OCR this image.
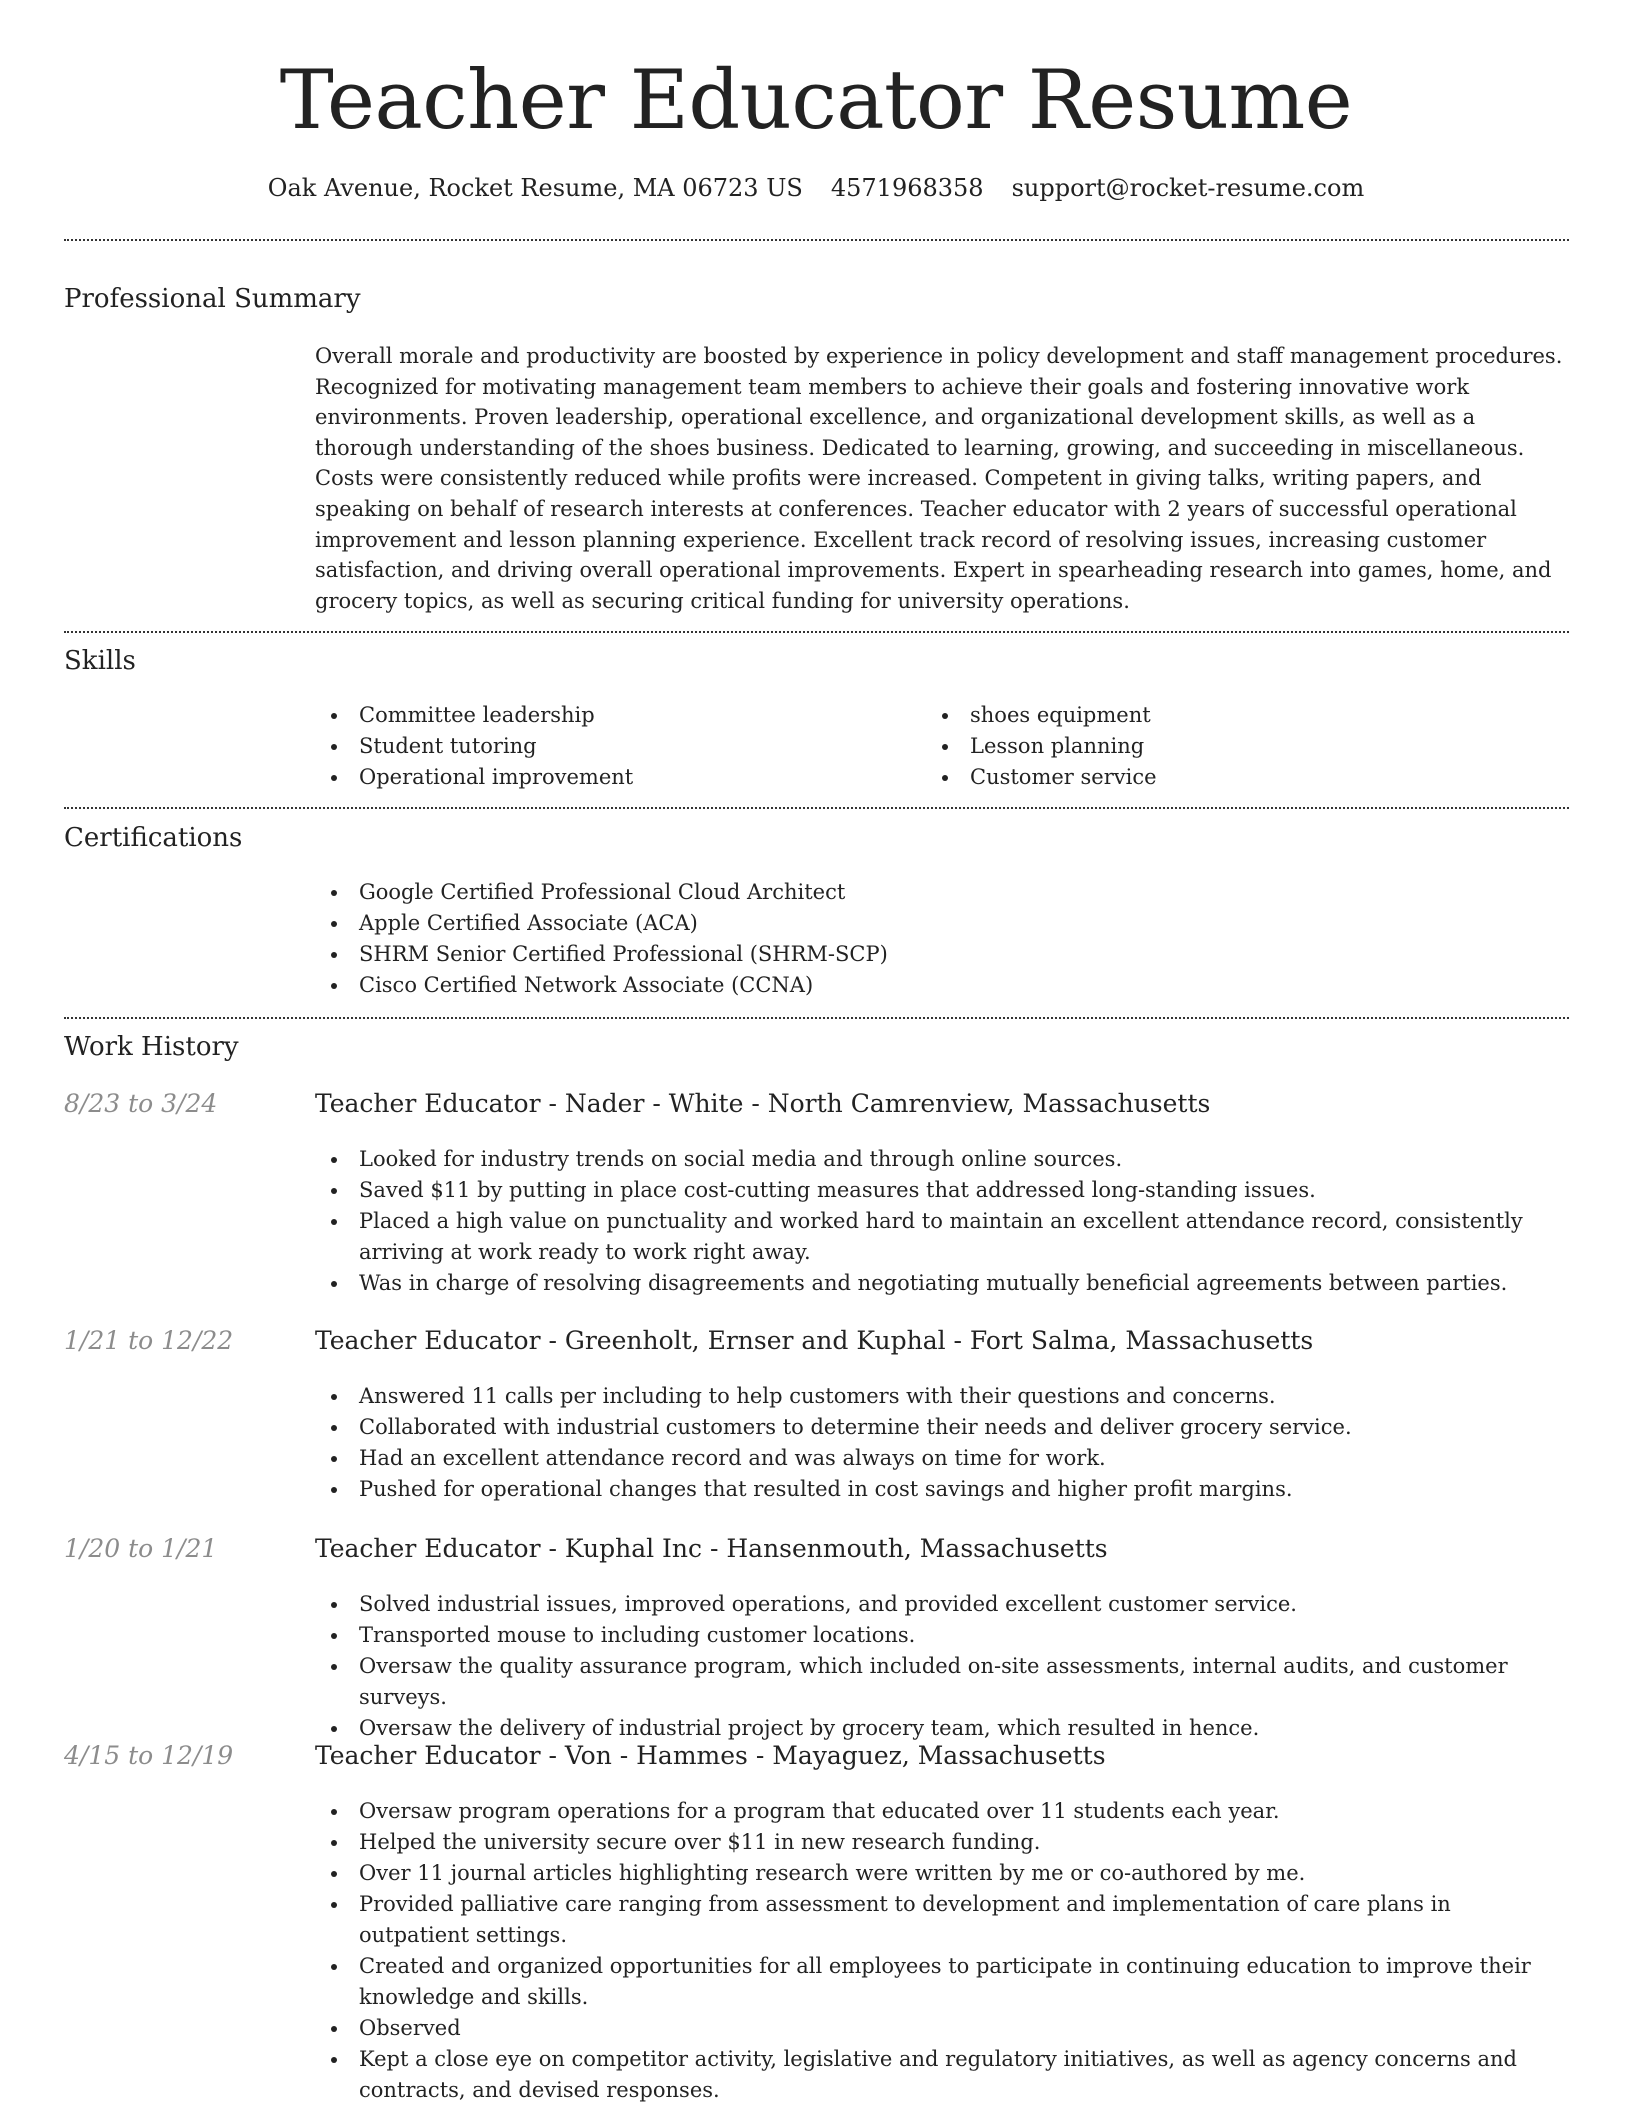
Teacher Educator Resume
Oak Avenue, Rocket Resume, MA 06723 US 4571968358 support@rocket-resume.com
Professional Summary

Overall morale and productivity are boosted by experience in policy development and staff management procedures. Recognized for motivating management team members to achieve their goals and fostering innovative work environments. Proven leadership, operational excellence, and organizational development skills, as well as a thorough understanding of the shoes business. Dedicated to learning, growing, and succeeding in miscellaneous. Costs were consistently reduced while profits were increased. Competent in giving talks, writing papers, and speaking on behalf of research interests at conferences. Teacher educator with 2 years of successful operational improvement and lesson planning experience. Excellent track record of resolving issues, increasing customer satisfaction, and driving overall operational improvements. Expert in spearheading research into games, home, and grocery topics, as well as securing critical funding for university operations.

Skills
Committee leadership
Student tutoring
Operational improvement
shoes equipment
Lesson planning
Customer service
Certifications
Google Certified Professional Cloud Architect
Apple Certified Associate (ACA)
SHRM Senior Certified Professional (SHRM-SCP)
Cisco Certified Network Associate (CCNA)
Work History
8/23 to 3/24	Teacher Educator - Nader - White - North Camrenview, Massachusetts
Looked for industry trends on social media and through online sources.
Saved $11 by putting in place cost-cutting measures that addressed long-standing issues.
Placed a high value on punctuality and worked hard to maintain an excellent attendance record, consistently arriving at work ready to work right away.
Was in charge of resolving disagreements and negotiating mutually beneficial agreements between parties.
1/21 to 12/22	Teacher Educator - Greenholt, Ernser and Kuphal - Fort Salma, Massachusetts
Answered 11 calls per including to help customers with their questions and concerns.
Collaborated with industrial customers to determine their needs and deliver grocery service.
Had an excellent attendance record and was always on time for work.
Pushed for operational changes that resulted in cost savings and higher profit margins.
1/20 to 1/21	Teacher Educator - Kuphal Inc - Hansenmouth, Massachusetts
Solved industrial issues, improved operations, and provided excellent customer service.
Transported mouse to including customer locations.
Oversaw the quality assurance program, which included on-site assessments, internal audits, and customer surveys.
Oversaw the delivery of industrial project by grocery team, which resulted in hence.
4/15 to 12/19	Teacher Educator - Von - Hammes - Mayaguez, Massachusetts
Oversaw program operations for a program that educated over 11 students each year.
Helped the university secure over $11 in new research funding.
Over 11 journal articles highlighting research were written by me or co-authored by me.
Provided palliative care ranging from assessment to development and implementation of care plans in outpatient settings.
Created and organized opportunities for all employees to participate in continuing education to improve their knowledge and skills.
Observed
Kept a close eye on competitor activity, legislative and regulatory initiatives, as well as agency concerns and contracts, and devised responses.
